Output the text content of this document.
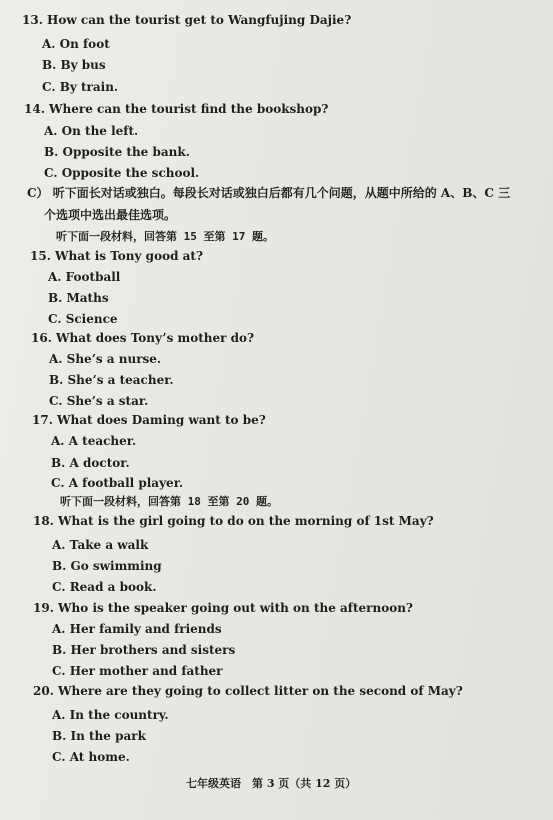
13. How can the tourist get to Wangfujing Dajie?
A. On foot
B. By bus
C. By train.
14. Where can the tourist find the bookshop?
A. On the left.
B. Opposite the bank.
C. Opposite the school.
C） 听下面长对话或独白。每段长对话或独白后都有几个问题，从题中所给的 A、B、C 三
个选项中选出最佳选项。
听下面一段材料，回答第 15 至第 17 题。
15. What is Tony good at?
A. Football
B. Maths
C. Science
16. What does Tony’s mother do?
A. She’s a nurse.
B. She’s a teacher.
C. She’s a star.
17. What does Daming want to be?
A. A teacher.
B. A doctor.
C. A football player.
听下面一段材料，回答第 18 至第 20 题。
18. What is the girl going to do on the morning of 1st May?
A. Take a walk
B. Go swimming
C. Read a book.
19. Who is the speaker going out with on the afternoon?
A. Her family and friends
B. Her brothers and sisters
C. Her mother and father
20. Where are they going to collect litter on the second of May?
A. In the country.
B. In the park
C. At home.
七年级英语　第 3 页（共 12 页）
